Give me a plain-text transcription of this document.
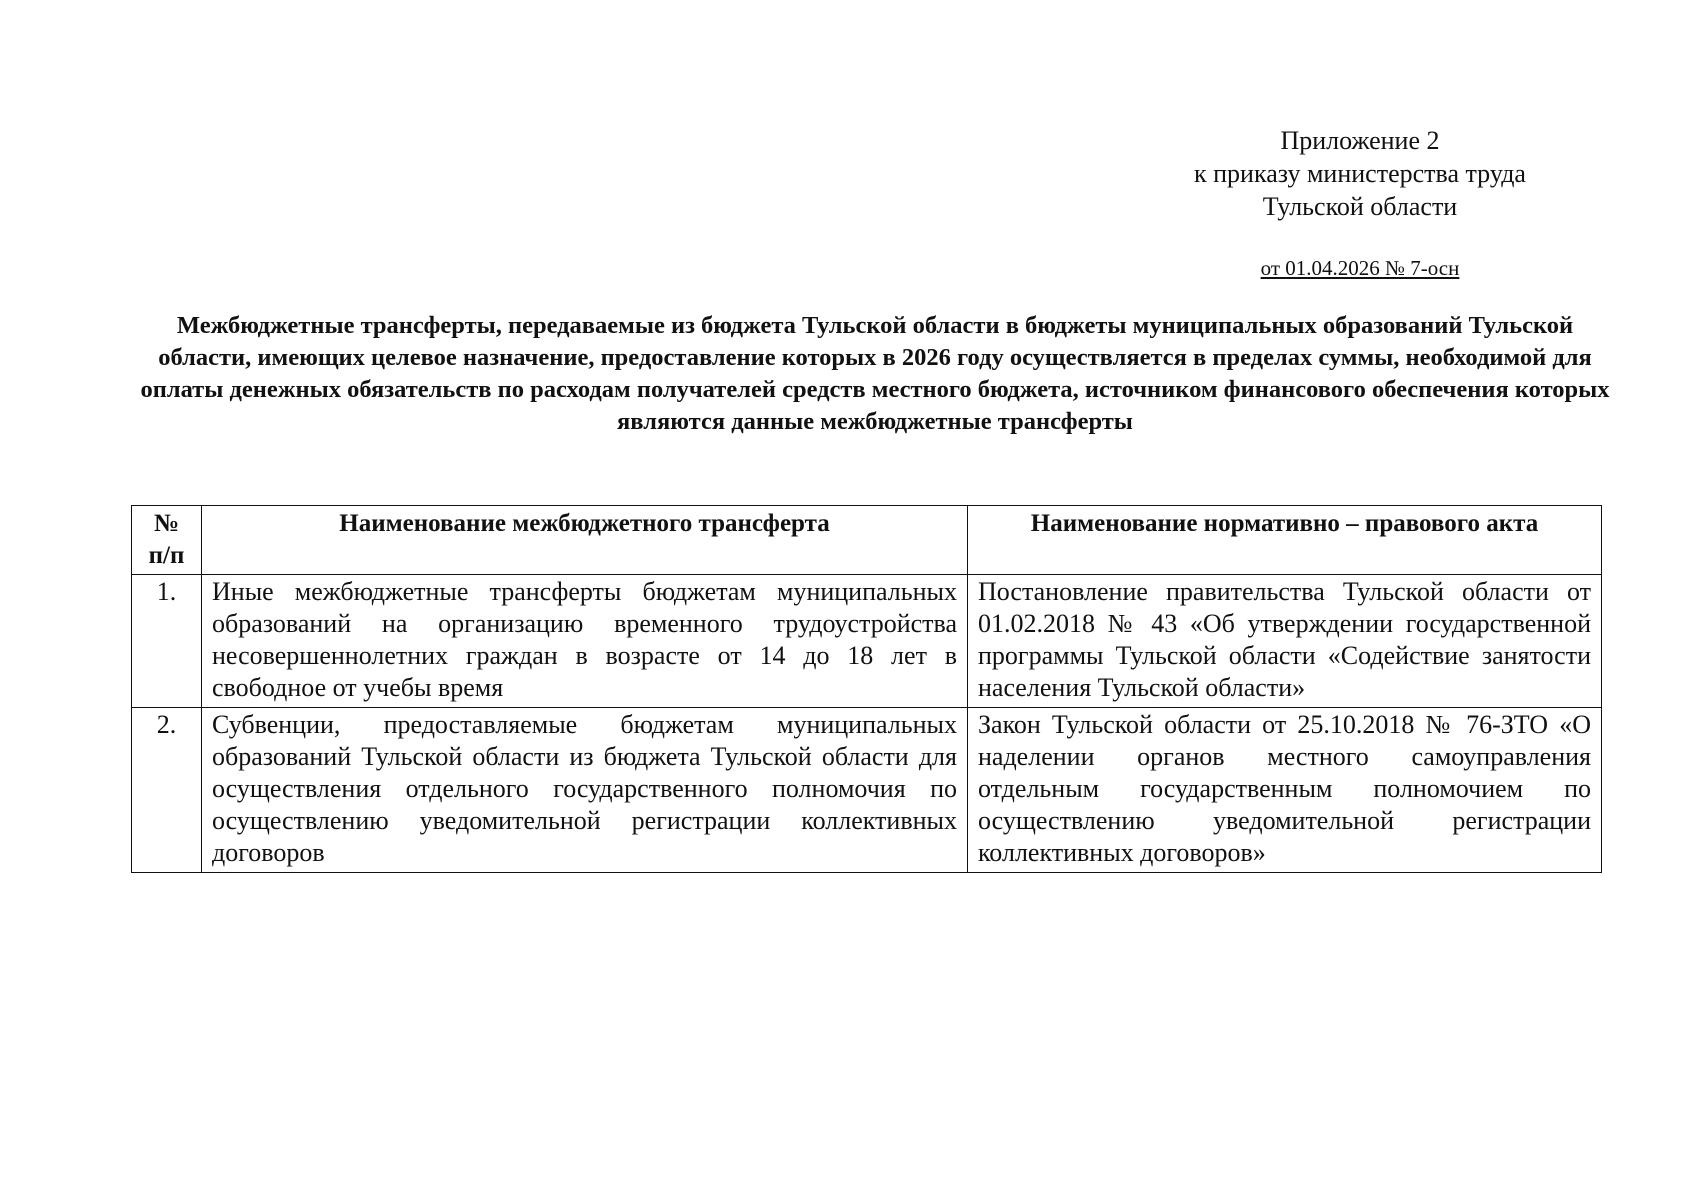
Приложение 2
к приказу министерства труда
Тульской области
от 01.04.2026 № 7-осн
Межбюджетные трансферты, передаваемые из бюджета Тульской области в бюджеты муниципальных образований Тульской области, имеющих целевое назначение, предоставление которых в 2026 году осуществляется в пределах суммы, необходимой для оплаты денежных обязательств по расходам получателей средств местного бюджета, источником финансового обеспечения которых являются данные межбюджетные трансферты
№ п/п	Наименование межбюджетного трансферта	Наименование нормативно – правового акта
1.	Иные межбюджетные трансферты бюджетам муниципальных образований на организацию временного трудоустройства несовершеннолетних граждан в возрасте от 14 до 18 лет в свободное от учебы время	Постановление правительства Тульской области от 01.02.2018 № 43 «Об утверждении государственной программы Тульской области «Содействие занятости населения Тульской области»
2.	Субвенции, предоставляемые бюджетам муниципальных образований Тульской области из бюджета Тульской области для осуществления отдельного государственного полномочия по осуществлению уведомительной регистрации коллективных договоров	Закон Тульской области от 25.10.2018 № 76-ЗТО «О наделении органов местного самоуправления отдельным государственным полномочием по осуществлению уведомительной регистрации коллективных договоров»
